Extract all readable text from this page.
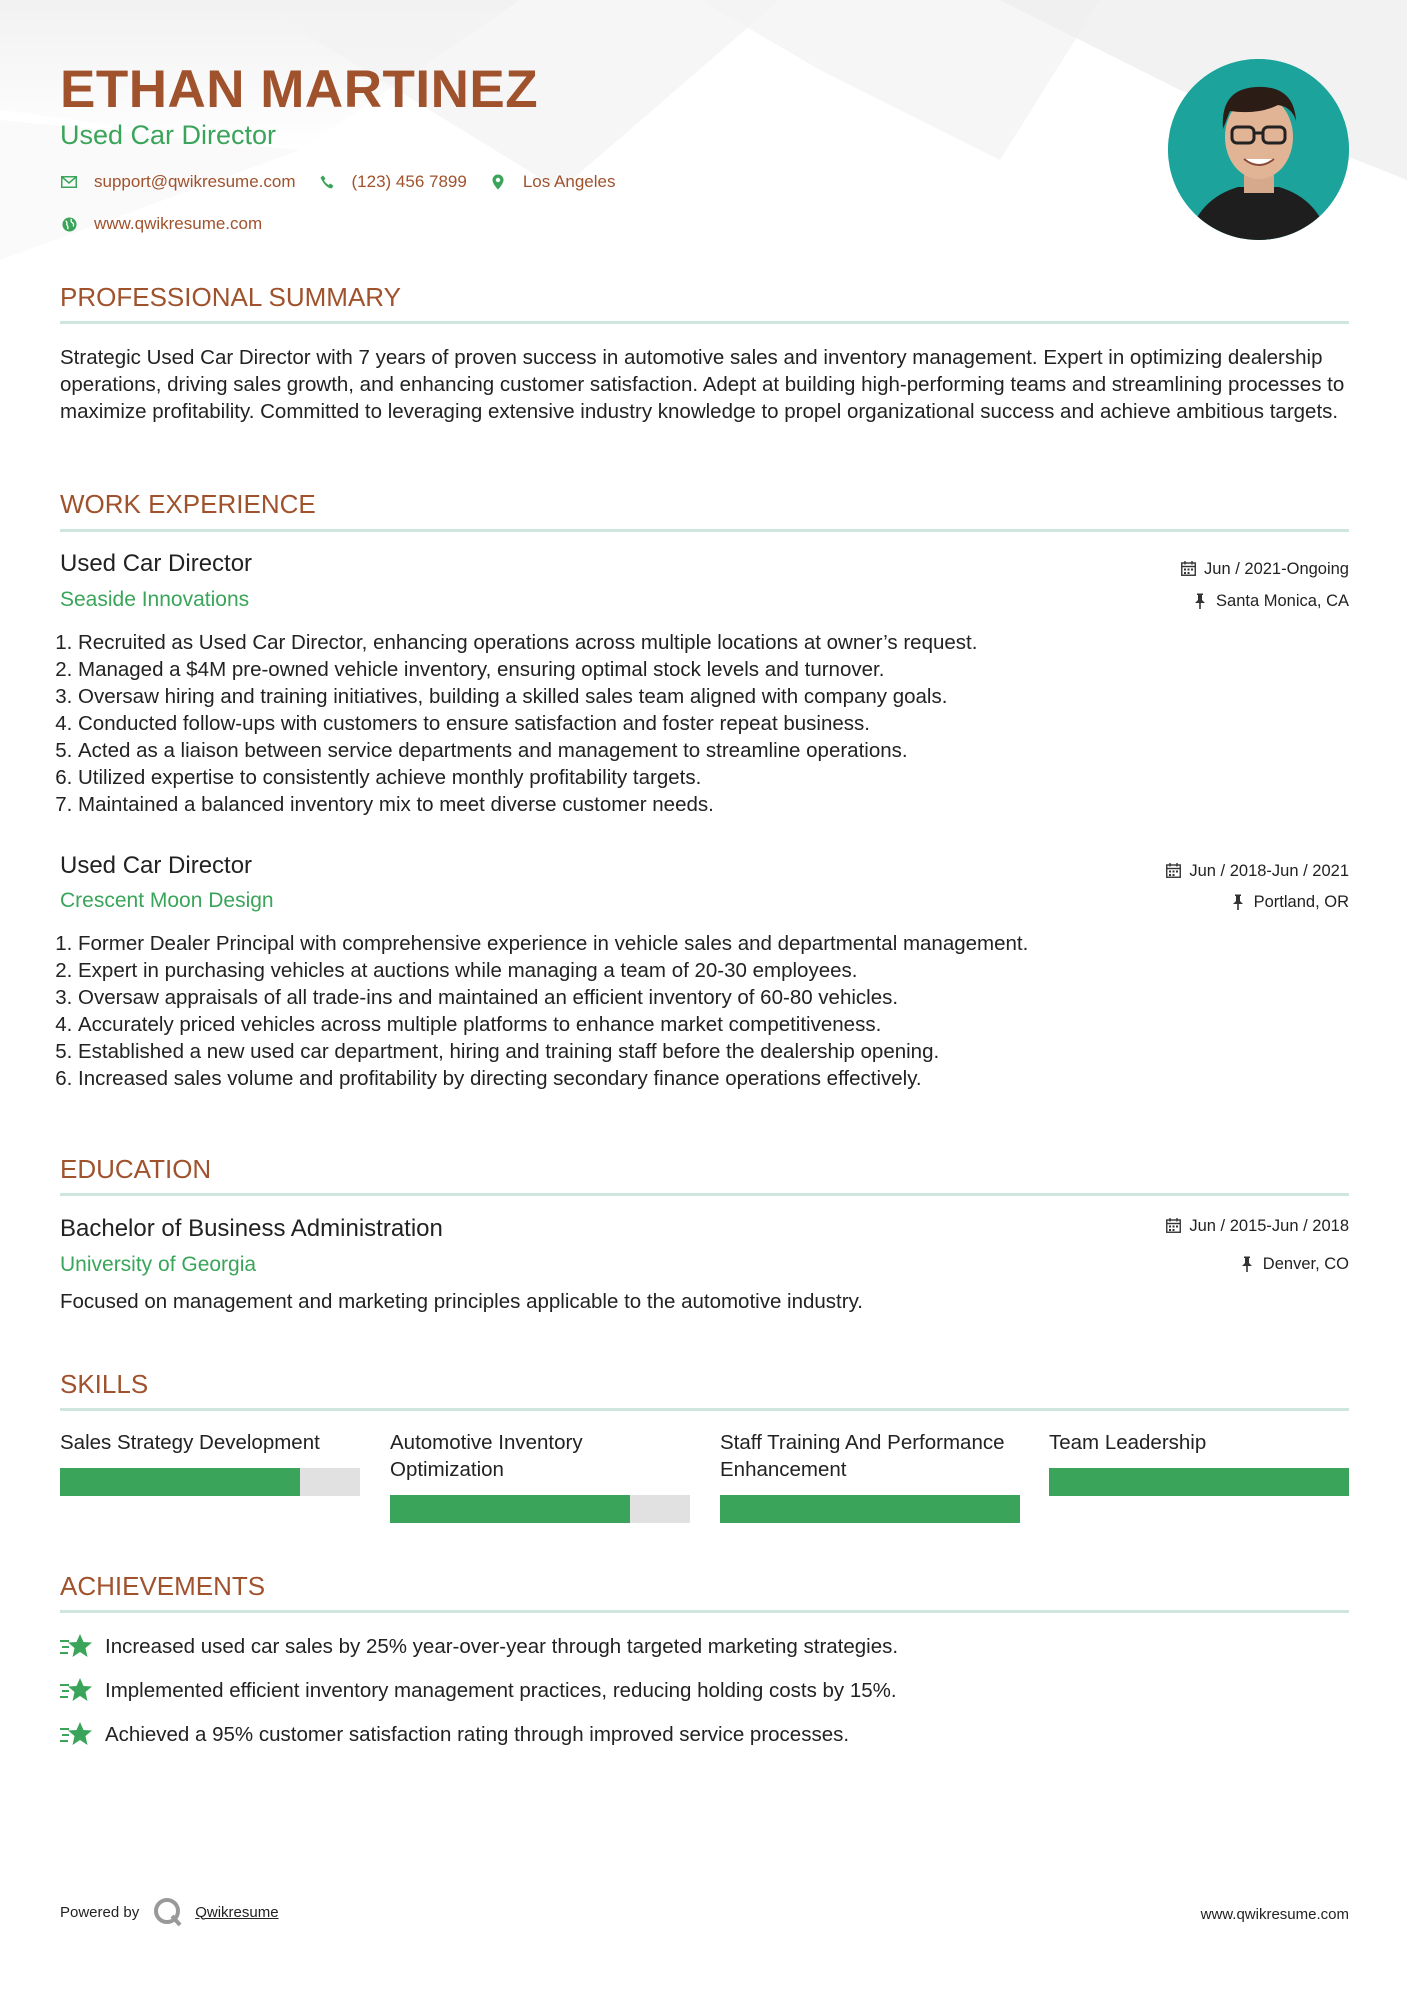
ETHAN MARTINEZ
Used Car Director
support@qwikresume.com	(123) 456 7899	Los Angeles
www.qwikresume.com
PROFESSIONAL SUMMARY
Strategic Used Car Director with 7 years of proven success in automotive sales and inventory management. Expert in optimizing dealership operations, driving sales growth, and enhancing customer satisfaction. Adept at building high-performing teams and streamlining processes to maximize profitability. Committed to leveraging extensive industry knowledge to propel organizational success and achieve ambitious targets.
WORK EXPERIENCE
Used Car Director
Seaside Innovations
Jun / 2021-Ongoing
Santa Monica, CA
1. Recruited as Used Car Director, enhancing operations across multiple locations at owner’s request.
2. Managed a $4M pre-owned vehicle inventory, ensuring optimal stock levels and turnover.
3. Oversaw hiring and training initiatives, building a skilled sales team aligned with company goals.
4. Conducted follow-ups with customers to ensure satisfaction and foster repeat business.
5. Acted as a liaison between service departments and management to streamline operations.
6. Utilized expertise to consistently achieve monthly profitability targets.
7. Maintained a balanced inventory mix to meet diverse customer needs.
Used Car Director
Crescent Moon Design
Jun / 2018-Jun / 2021
Portland, OR
1. Former Dealer Principal with comprehensive experience in vehicle sales and departmental management.
2. Expert in purchasing vehicles at auctions while managing a team of 20-30 employees.
3. Oversaw appraisals of all trade-ins and maintained an efficient inventory of 60-80 vehicles.
4. Accurately priced vehicles across multiple platforms to enhance market competitiveness.
5. Established a new used car department, hiring and training staff before the dealership opening.
6. Increased sales volume and profitability by directing secondary finance operations effectively.
EDUCATION
Bachelor of Business Administration
University of Georgia
Jun / 2015-Jun / 2018
Denver, CO
Focused on management and marketing principles applicable to the automotive industry.
SKILLS
Sales Strategy Development	Automotive Inventory Optimization
Staff Training And Performance Enhancement
Team Leadership
ACHIEVEMENTS
Increased used car sales by 25% year-over-year through targeted marketing strategies.
Implemented efficient inventory management practices, reducing holding costs by 15%.
Achieved a 95% customer satisfaction rating through improved service processes.
Powered by	Qwikresume	www.qwikresume.com
